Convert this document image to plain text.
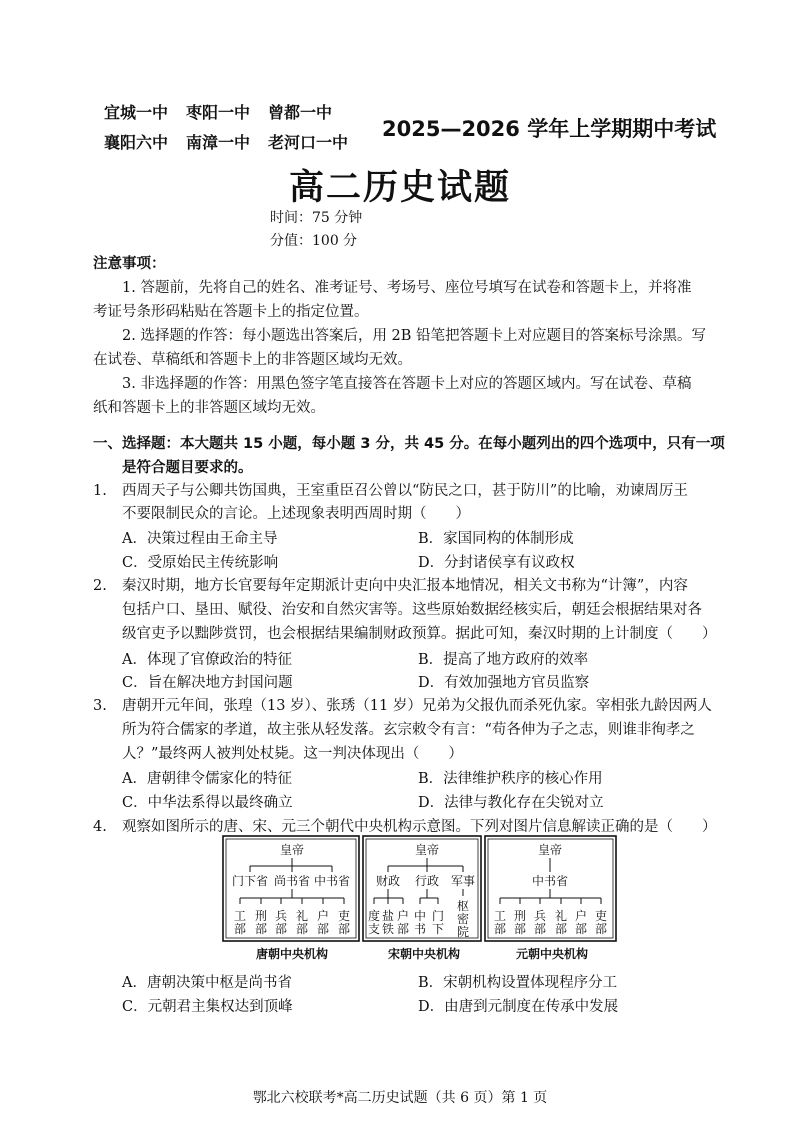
宜城一中 枣阳一中 曾都一中
襄阳六中 南漳一中 老河口一中
2025—2026 学年上学期期中考试
高二历史试题
时间：75 分钟
分值：100 分
注意事项：
1. 答题前，先将自己的姓名、准考证号、考场号、座位号填写在试卷和答题卡上，并将准
考证号条形码粘贴在答题卡上的指定位置。
2. 选择题的作答：每小题选出答案后，用 2B 铅笔把答题卡上对应题目的答案标号涂黑。写
在试卷、草稿纸和答题卡上的非答题区域均无效。
3. 非选择题的作答：用黑色签字笔直接答在答题卡上对应的答题区域内。写在试卷、草稿
纸和答题卡上的非答题区域均无效。
一、选择题：本大题共 15 小题，每小题 3 分，共 45 分。在每小题列出的四个选项中，只有一项
是符合题目要求的。
1. 西周天子与公卿共饬国典，王室重臣召公曾以“防民之口，甚于防川”的比喻，劝谏周厉王
不要限制民众的言论。上述现象表明西周时期（　　）
A．决策过程由王命主导	B．家国同构的体制形成
C．受原始民主传统影响	D．分封诸侯享有议政权
2. 秦汉时期，地方长官要每年定期派计吏向中央汇报本地情况，相关文书称为“计簿”，内容
包括户口、垦田、赋役、治安和自然灾害等。这些原始数据经核实后，朝廷会根据结果对各
级官吏予以黜陟赏罚，也会根据结果编制财政预算。据此可知，秦汉时期的上计制度（　　）
A．体现了官僚政治的特征	B．提高了地方政府的效率
C．旨在解决地方封国问题	D．有效加强地方官员监察
3. 唐朝开元年间，张瑝（13 岁）、张琇（11 岁）兄弟为父报仇而杀死仇家。宰相张九龄因两人
所为符合儒家的孝道，故主张从轻发落。玄宗敕令有言：“苟各伸为子之志，则谁非徇孝之
人？”最终两人被判处杖毙。这一判决体现出（　　）
A．唐朝律令儒家化的特征	B．法律维护秩序的核心作用
C．中华法系得以最终确立	D．法律与教化存在尖锐对立
4. 观察如图所示的唐、宋、元三个朝代中央机构示意图。下列对图片信息解读正确的是（　　）
皇帝
门下省 尚书省 中书省
工部
刑部
兵部
礼部
户部
吏部
唐朝中央机构
皇帝
财政 行政 军事
度支
盐铁
户部
中书
门下
枢密院
宋朝中央机构
皇帝
中书省
工部
刑部
兵部
礼部
户部
吏部
元朝中央机构
A．唐朝决策中枢是尚书省	B．宋朝机构设置体现程序分工
C．元朝君主集权达到顶峰	D．由唐到元制度在传承中发展
鄂北六校联考*高二历史试题（共 6 页）第 1 页
